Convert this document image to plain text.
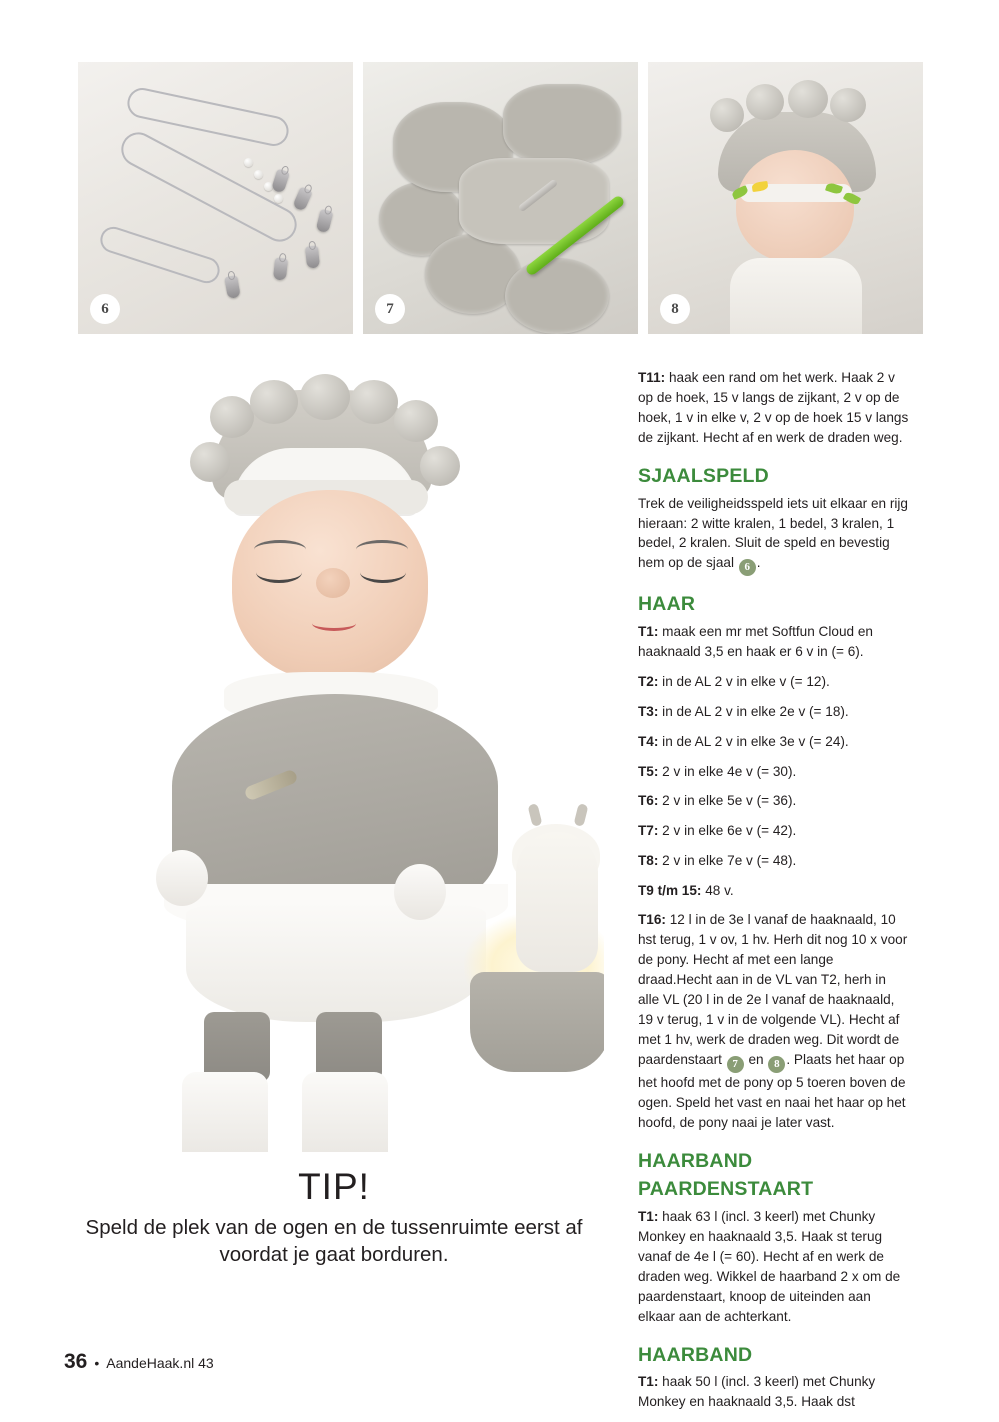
6	7	8
TIP!

Speld de plek van de ogen en de tussenruimte eerst af voordat je gaat borduren.

T11: haak een rand om het werk. Haak 2 v op de hoek, 15 v langs de zijkant, 2 v op de hoek, 1 v in elke v, 2 v op de hoek 15 v langs de zijkant. Hecht af en werk de draden weg.

SJAALSPELD

Trek de veiligheidsspeld iets uit elkaar en rijg hieraan: 2 witte kralen, 1 bedel, 3 kralen, 1 bedel, 2 kralen. Sluit de speld en bevestig hem op de sjaal 6 .

HAAR

T1: maak een mr met Softfun Cloud en haaknaald 3,5 en haak er 6 v in (= 6).

T2: in de AL 2 v in elke v (= 12).

T3: in de AL 2 v in elke 2e v (= 18).

T4: in de AL 2 v in elke 3e v (= 24).

T5: 2 v in elke 4e v (= 30).

T6: 2 v in elke 5e v (= 36).

T7: 2 v in elke 6e v (= 42).

T8: 2 v in elke 7e v (= 48).

T9 t/m 15: 48 v.

T16: 12 l in de 3e l vanaf de haaknaald, 10 hst terug, 1 v ov, 1 hv. Herh dit nog 10 x voor de pony. Hecht af met een lange draad.Hecht aan in de VL van T2, herh in alle VL (20 l in de 2e l vanaf de haaknaald, 19 v terug, 1 v in de volgende VL). Hecht af met 1 hv, werk de draden weg. Dit wordt de paardenstaart 7 en 8 . Plaats het haar op het hoofd met de pony op 5 toeren boven de ogen. Speld het vast en naai het haar op het hoofd, de pony naai je later vast.

HAARBAND PAARDENSTAART

T1: haak 63 l (incl. 3 keerl) met Chunky Monkey en haaknaald 3,5. Haak st terug vanaf de 4e l (= 60). Hecht af en werk de draden weg. Wikkel de haarband 2 x om de paardenstaart, knoop de uiteinden aan elkaar aan de achterkant.

HAARBAND

T1: haak 50 l (incl. 3 keerl) met Chunky Monkey en haaknaald 3,5. Haak dst

36 • AandeHaak.nl 43
